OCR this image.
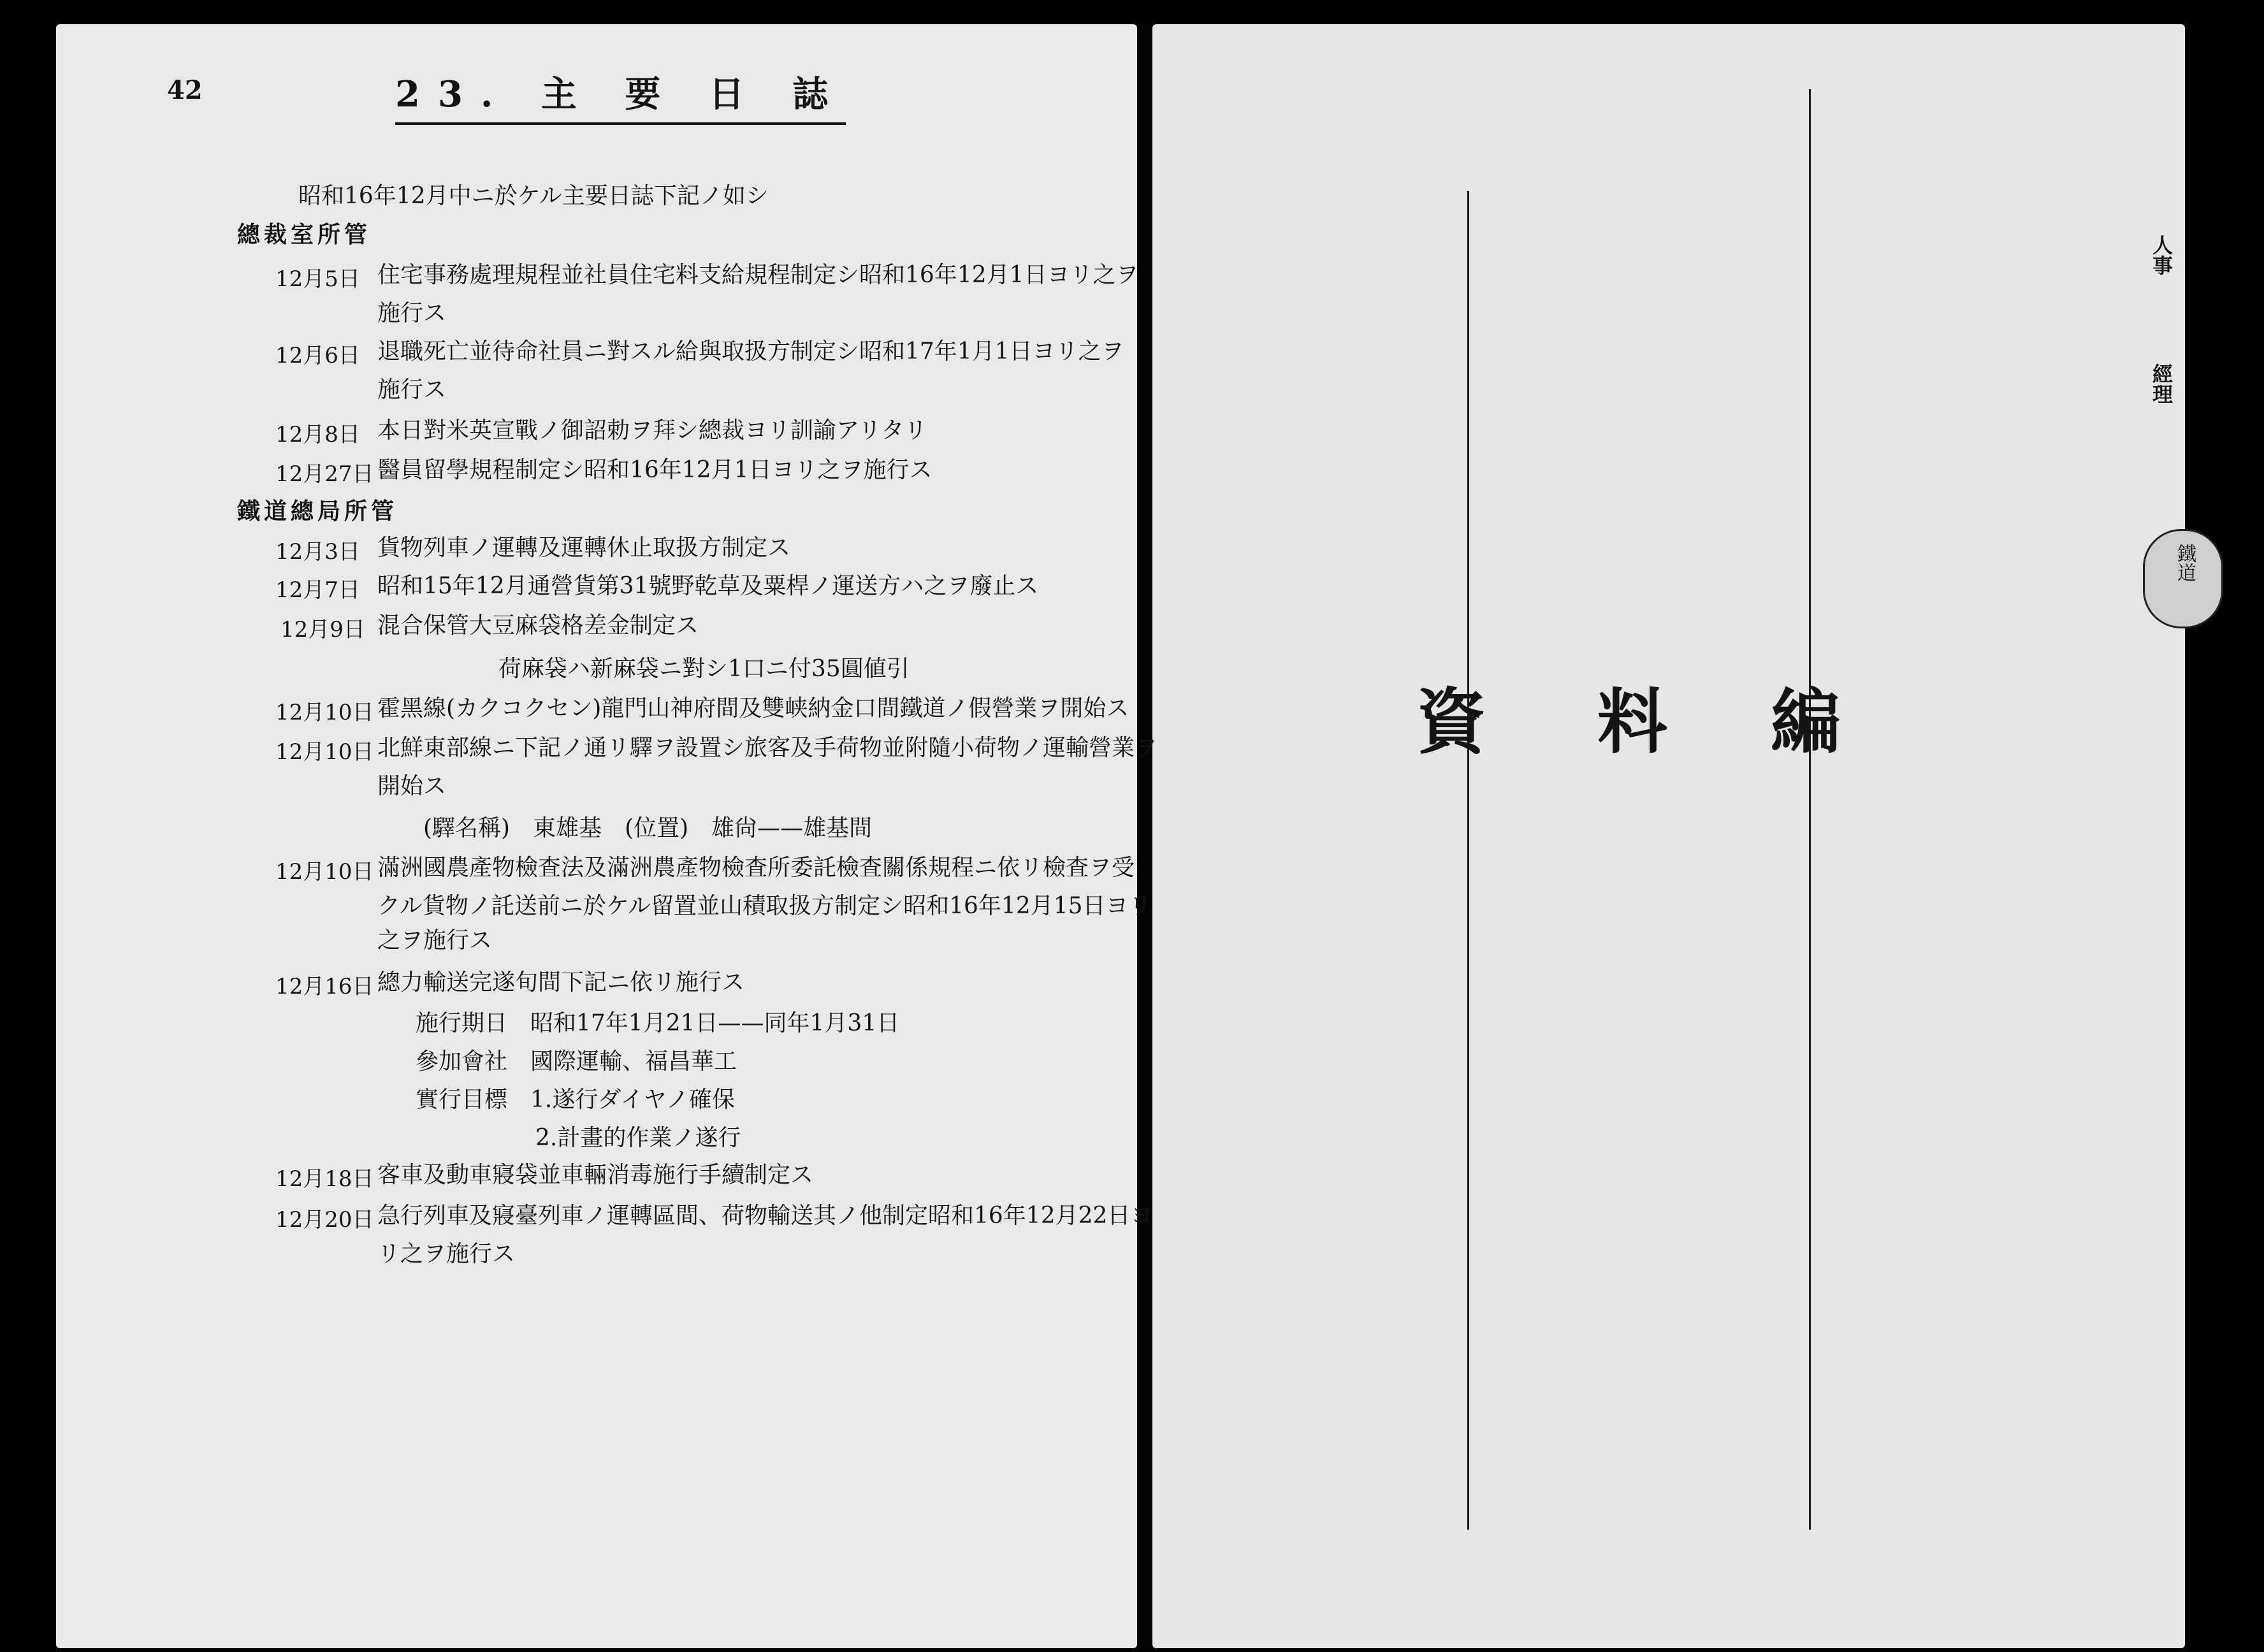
42	23. 主 要 日 誌
昭和16年12月中ニ於ケル主要日誌下記ノ如シ
總裁室所管
12月5日 住宅事務處理規程並社員住宅料支給規程制定シ昭和16年12月1日ヨリ之ヲ
施行ス
12月6日 退職死亡並待命社員ニ對スル給與取扱方制定シ昭和17年1月1日ヨリ之ヲ
施行ス
12月8日 本日對米英宣戰ノ御詔勅ヲ拜シ總裁ヨリ訓諭アリタリ
12月27日 醫員留學規程制定シ昭和16年12月1日ヨリ之ヲ施行ス
鐵道總局所管
12月3日 貨物列車ノ運轉及運轉休止取扱方制定ス
12月7日 昭和15年12月通營貨第31號野乾草及粟桿ノ運送方ハ之ヲ廢止ス
12月9日 混合保管大豆麻袋格差金制定ス
荷麻袋ハ新麻袋ニ對シ1口ニ付35圓値引
12月10日 霍黑線(カクコクセン)龍門山神府間及雙峡納金口間鐵道ノ假營業ヲ開始ス
12月10日 北鮮東部線ニ下記ノ通リ驛ヲ設置シ旅客及手荷物並附隨小荷物ノ運輸營業ヲ
開始ス
(驛名稱)　東雄基　(位置)　雄尙——雄基間
12月10日 滿洲國農產物檢査法及滿洲農產物檢査所委託檢査關係規程ニ依リ檢査ヲ受
クル貨物ノ託送前ニ於ケル留置並山積取扱方制定シ昭和16年12月15日ヨリ
之ヲ施行ス
12月16日 總力輸送完遂旬間下記ニ依リ施行ス
施行期日　昭和17年1月21日——同年1月31日
參加會社　國際運輸、福昌華工
實行目標　1.遂行ダイヤノ確保
2.計畫的作業ノ遂行
12月18日 客車及動車寢袋並車輛消毒施行手續制定ス
12月20日 急行列車及寢臺列車ノ運轉區間、荷物輸送其ノ他制定昭和16年12月22日ヨ
リ之ヲ施行ス
資 料 編
人事
經理
鐵道
